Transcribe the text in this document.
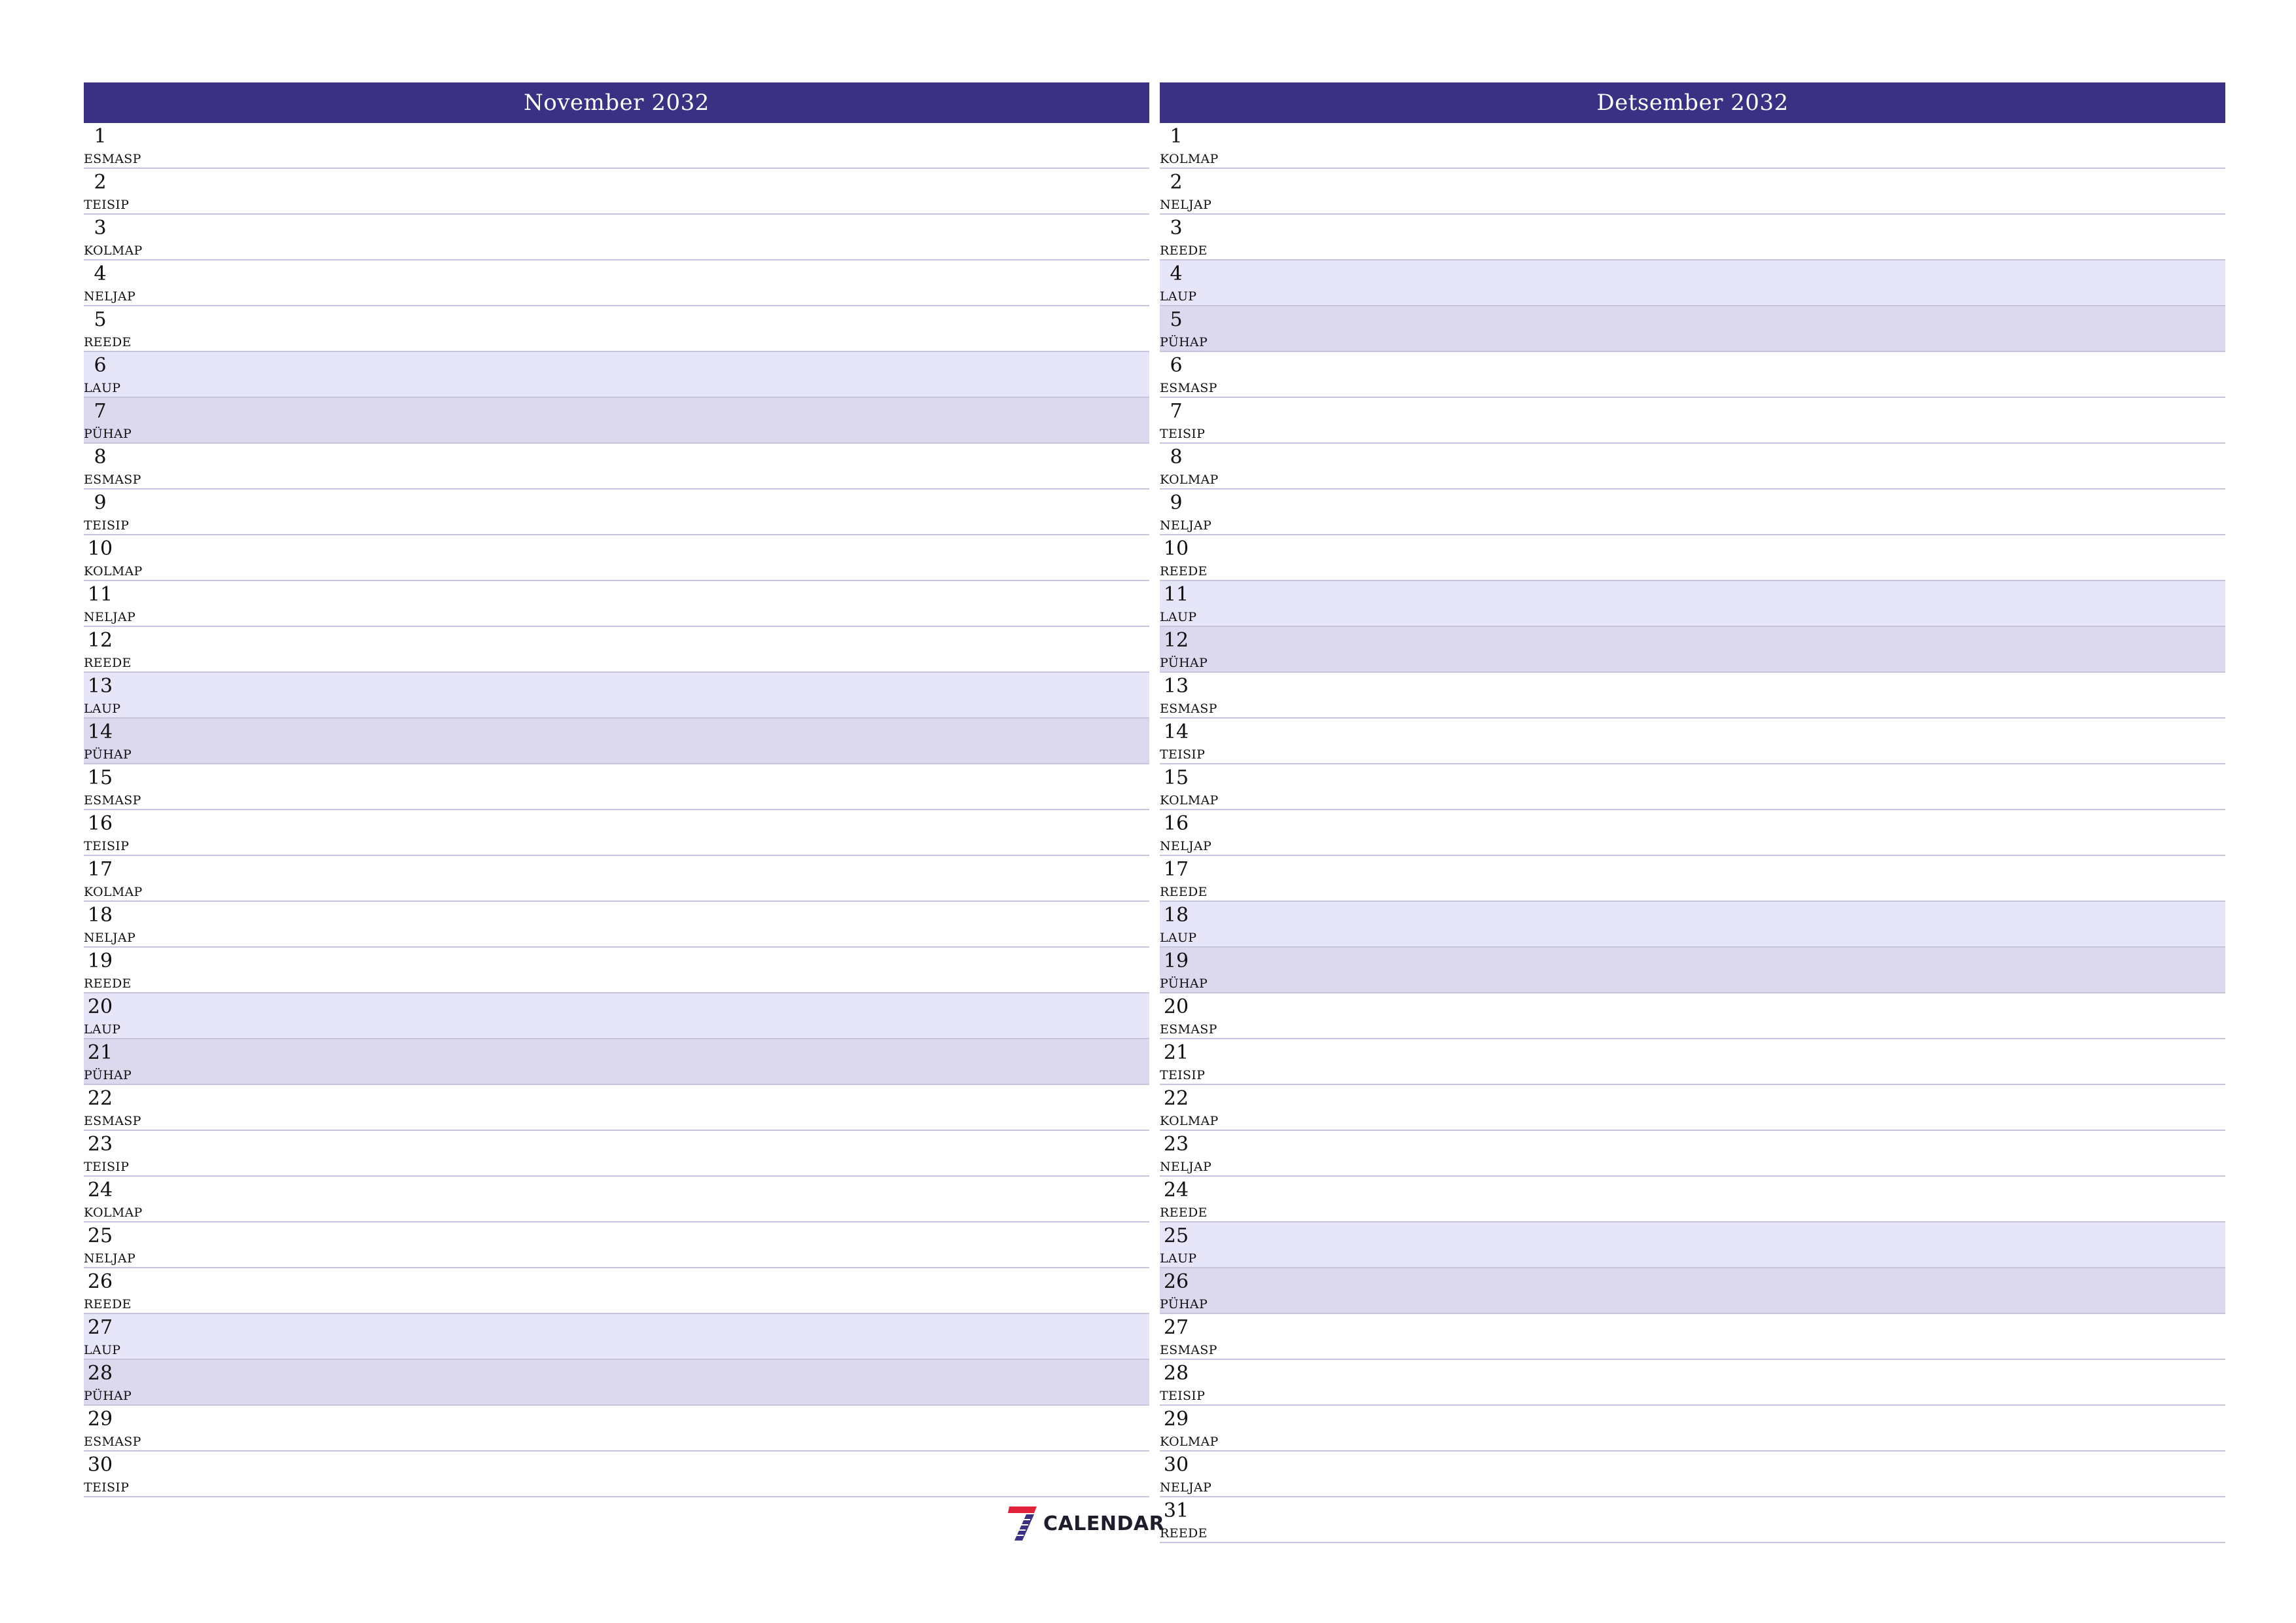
November 2032
1
ESMASP
2
TEISIP
3
KOLMAP
4
NELJAP
5
REEDE
6
LAUP
7
PÜHAP
8
ESMASP
9
TEISIP
10
KOLMAP
11
NELJAP
12
REEDE
13
LAUP
14
PÜHAP
15
ESMASP
16
TEISIP
17
KOLMAP
18
NELJAP
19
REEDE
20
LAUP
21
PÜHAP
22
ESMASP
23
TEISIP
24
KOLMAP
25
NELJAP
26
REEDE
27
LAUP
28
PÜHAP
29
ESMASP
30
TEISIP
Detsember 2032
1
KOLMAP
2
NELJAP
3
REEDE
4
LAUP
5
PÜHAP
6
ESMASP
7
TEISIP
8
KOLMAP
9
NELJAP
10
REEDE
11
LAUP
12
PÜHAP
13
ESMASP
14
TEISIP
15
KOLMAP
16
NELJAP
17
REEDE
18
LAUP
19
PÜHAP
20
ESMASP
21
TEISIP
22
KOLMAP
23
NELJAP
24
REEDE
25
LAUP
26
PÜHAP
27
ESMASP
28
TEISIP
29
KOLMAP
30
NELJAP
31
REEDE
CALENDAR
